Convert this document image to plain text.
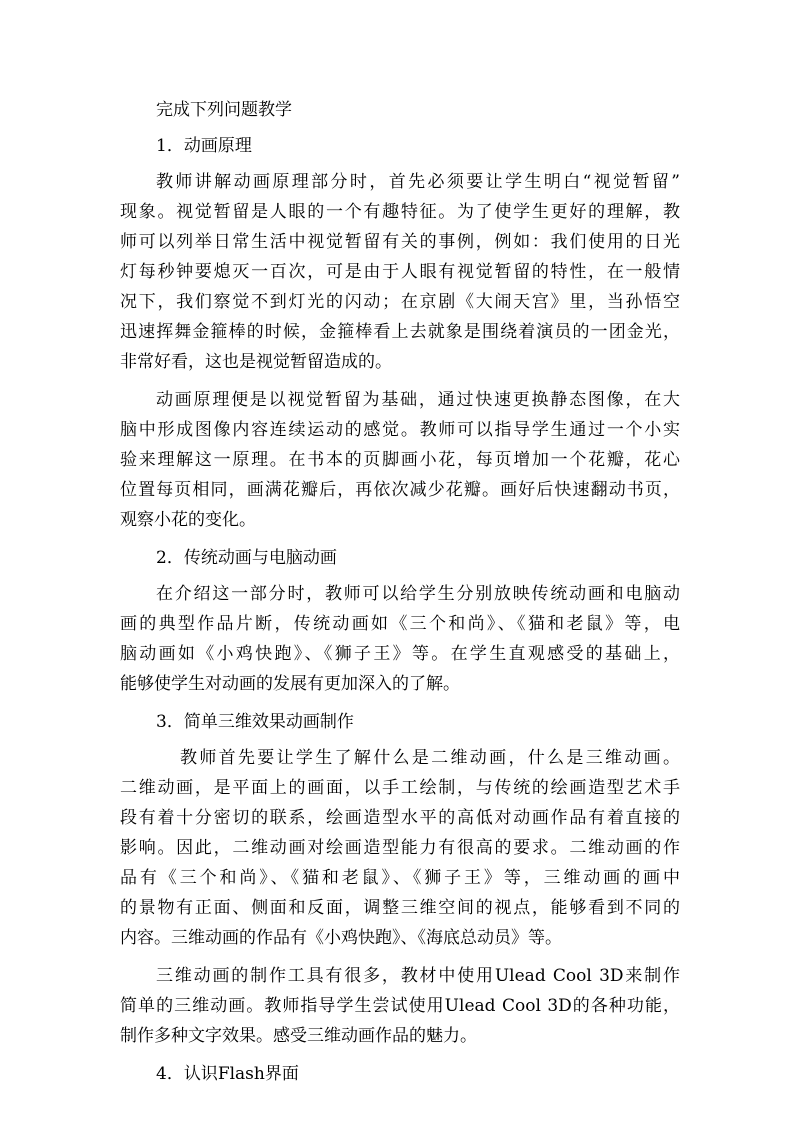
完成下列问题教学
1．动画原理
教师讲解动画原理部分时，首先必须要让学生明白“视觉暂留”
现象。视觉暂留是人眼的一个有趣特征。为了使学生更好的理解，教
师可以列举日常生活中视觉暂留有关的事例，例如：我们使用的日光
灯每秒钟要熄灭一百次，可是由于人眼有视觉暂留的特性，在一般情
况下，我们察觉不到灯光的闪动；在京剧《大闹天宫》里，当孙悟空
迅速挥舞金箍棒的时候，金箍棒看上去就象是围绕着演员的一团金光，
非常好看，这也是视觉暂留造成的。
动画原理便是以视觉暂留为基础，通过快速更换静态图像，在大
脑中形成图像内容连续运动的感觉。教师可以指导学生通过一个小实
验来理解这一原理。在书本的页脚画小花，每页增加一个花瓣，花心
位置每页相同，画满花瓣后，再依次减少花瓣。画好后快速翻动书页，
观察小花的变化。
2．传统动画与电脑动画
在介绍这一部分时，教师可以给学生分别放映传统动画和电脑动
画的典型作品片断，传统动画如《三个和尚》、《猫和老鼠》等，电
脑动画如《小鸡快跑》、《狮子王》等。在学生直观感受的基础上，
能够使学生对动画的发展有更加深入的了解。
3．简单三维效果动画制作
教师首先要让学生了解什么是二维动画，什么是三维动画。
二维动画，是平面上的画面，以手工绘制，与传统的绘画造型艺术手
段有着十分密切的联系，绘画造型水平的高低对动画作品有着直接的
影响。因此，二维动画对绘画造型能力有很高的要求。二维动画的作
品有《三个和尚》、《猫和老鼠》、《狮子王》等，三维动画的画中
的景物有正面、侧面和反面，调整三维空间的视点，能够看到不同的
内容。三维动画的作品有《小鸡快跑》、《海底总动员》等。
三维动画的制作工具有很多，教材中使用Ulead Cool 3D来制作
简单的三维动画。教师指导学生尝试使用Ulead Cool 3D的各种功能，
制作多种文字效果。感受三维动画作品的魅力。
4．认识Flash界面
